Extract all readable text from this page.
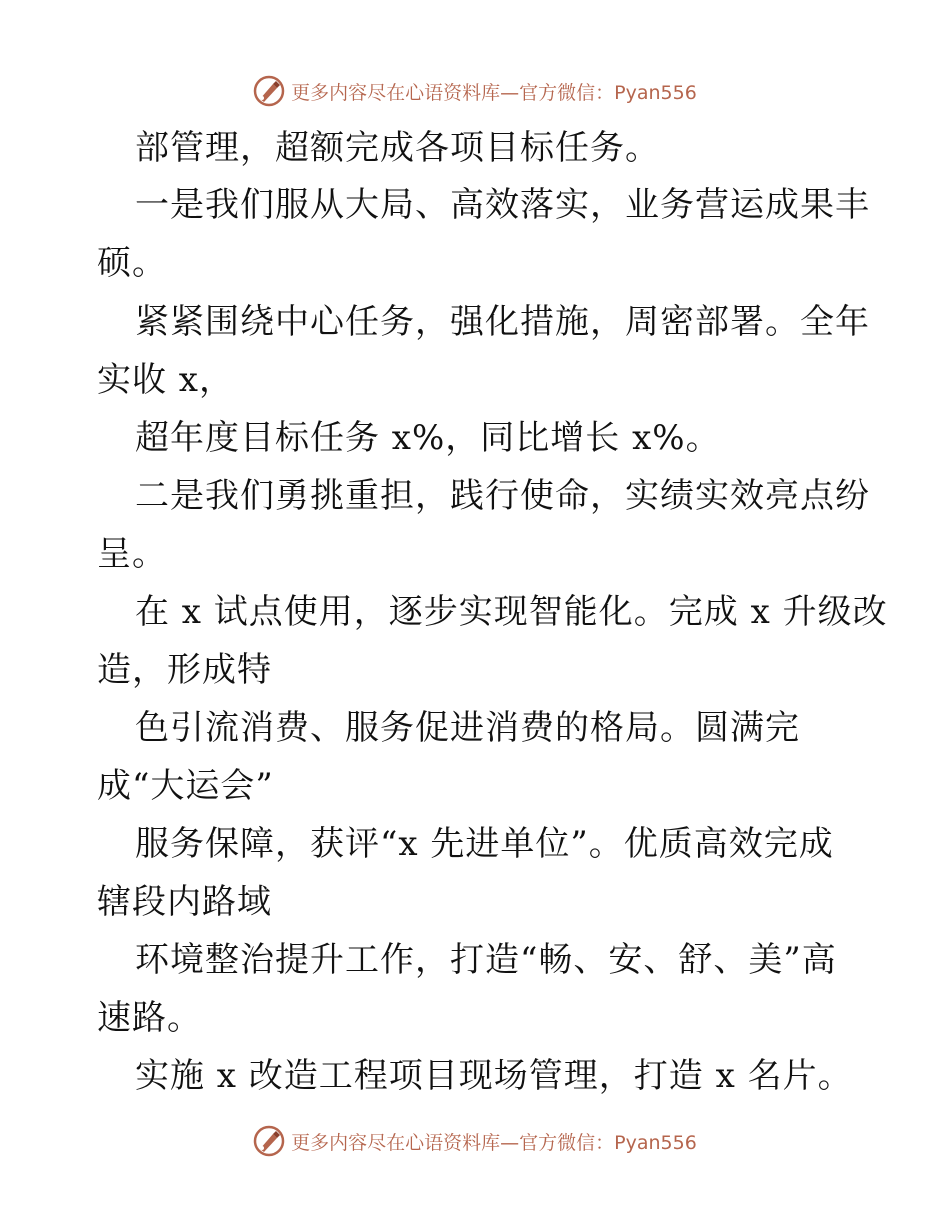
更多内容尽在心语资料库—官方微信：Pyan556
部管理，超额完成各项目标任务。
一是我们服从大局、高效落实，业务营运成果丰
硕。
紧紧围绕中心任务，强化措施，周密部署。全年
实收 x，
超年度目标任务 x%，同比增长 x%。
二是我们勇挑重担，践行使命，实绩实效亮点纷
呈。
在 x 试点使用，逐步实现智能化。完成 x 升级改
造，形成特
色引流消费、服务促进消费的格局。圆满完
成“大运会”
服务保障，获评“x 先进单位”。优质高效完成
辖段内路域
环境整治提升工作，打造“畅、安、舒、美”高
速路。
实施 x 改造工程项目现场管理，打造 x 名片。
更多内容尽在心语资料库—官方微信：Pyan556
